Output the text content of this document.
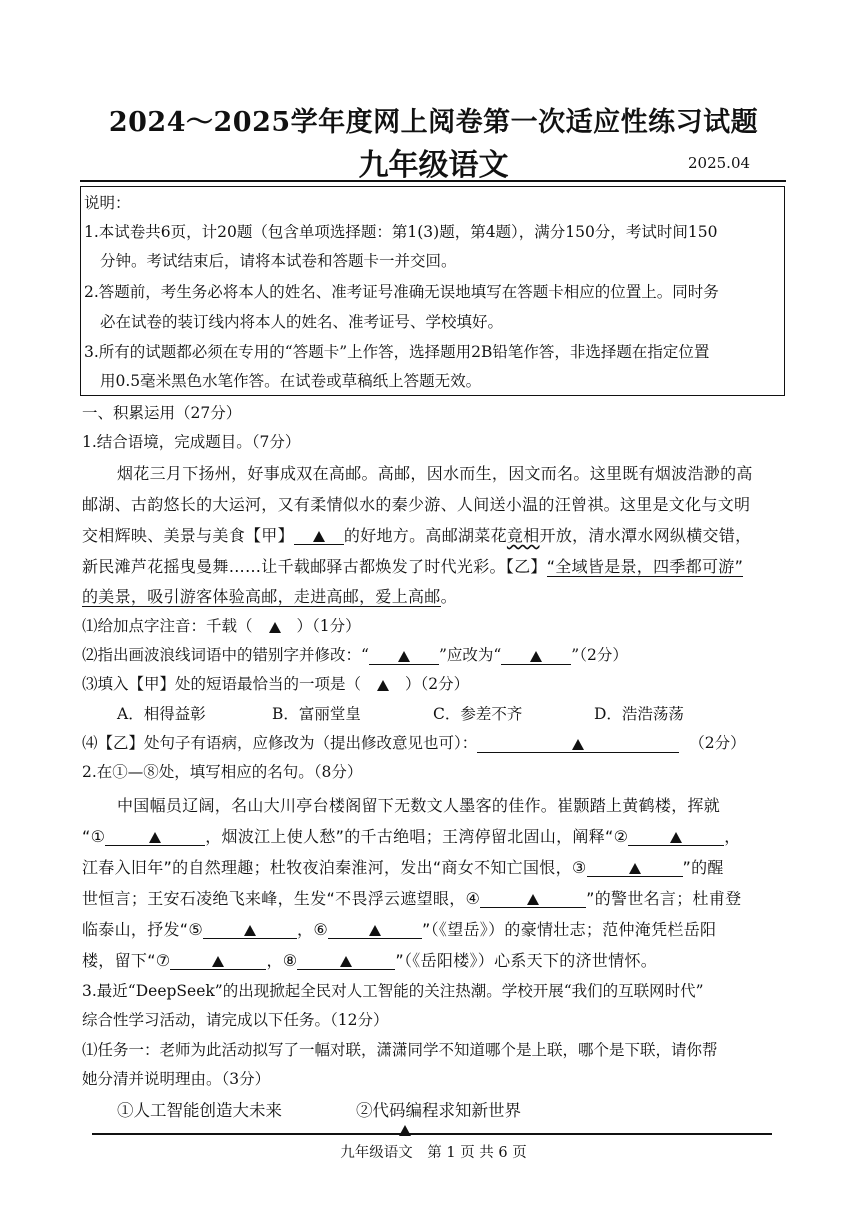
2024～2025学年度网上阅卷第一次适应性练习试题
九年级语文	2025.04
说明：
1.本试卷共6页，计20题（包含单项选择题：第1(3)题，第4题），满分150分，考试时间150
分钟。考试结束后，请将本试卷和答题卡一并交回。
2.答题前，考生务必将本人的姓名、准考证号准确无误地填写在答题卡相应的位置上。同时务
必在试卷的装订线内将本人的姓名、准考证号、学校填好。
3.所有的试题都必须在专用的“答题卡”上作答，选择题用2B铅笔作答，非选择题在指定位置
用0.5毫米黑色水笔作答。在试卷或草稿纸上答题无效。
一、积累运用（27分）
1.结合语境，完成题目。（7分）
烟花三月下扬州，好事成双在高邮。高邮，因水而生，因文而名。这里既有烟波浩渺的高
邮湖、古韵悠长的大运河，又有柔情似水的秦少游、人间送小温的汪曾祺。这里是文化与文明
交相辉映、美景与美食【甲】	的好地方。高邮湖菜花竟相开放，清水潭水网纵横交错，
新民滩芦花摇曳曼舞……让千载邮驿古都焕发了时代光彩。【乙】“全域皆是景，四季都可游”
的美景，吸引游客体验高邮，走进高邮，爱上高邮。
⑴给加点字注音：千载（	）（1分）
⑵指出画波浪线词语中的错别字并修改：“	”应改为“	”（2分）
⑶填入【甲】处的短语最恰当的一项是（	）（2分）
A．相得益彰	B．富丽堂皇	C．参差不齐	D．浩浩荡荡
⑷【乙】处句子有语病，应修改为（提出修改意见也可）：	（2分）
2.在①—⑧处，填写相应的名句。（8分）
中国幅员辽阔，名山大川亭台楼阁留下无数文人墨客的佳作。崔颢踏上黄鹤楼，挥就
“①	，烟波江上使人愁”的千古绝唱；王湾停留北固山，阐释“②	，
江春入旧年”的自然理趣；杜牧夜泊秦淮河，发出“商女不知亡国恨，③	”的醒
世恒言；王安石凌绝飞来峰，生发“不畏浮云遮望眼，④	”的警世名言；杜甫登
临泰山，抒发“⑤	，⑥	”（《望岳》）的豪情壮志；范仲淹凭栏岳阳
楼，留下“⑦	，⑧	”（《岳阳楼》）心系天下的济世情怀。
3.最近“DeepSeek”的出现掀起全民对人工智能的关注热潮。学校开展“我们的互联网时代”
综合性学习活动，请完成以下任务。（12分）
⑴任务一：老师为此活动拟写了一幅对联，潇潇同学不知道哪个是上联，哪个是下联，请你帮
她分清并说明理由。（3分）
①人工智能创造大未来	②代码编程求知新世界
九年级语文　第 1 页 共 6 页
